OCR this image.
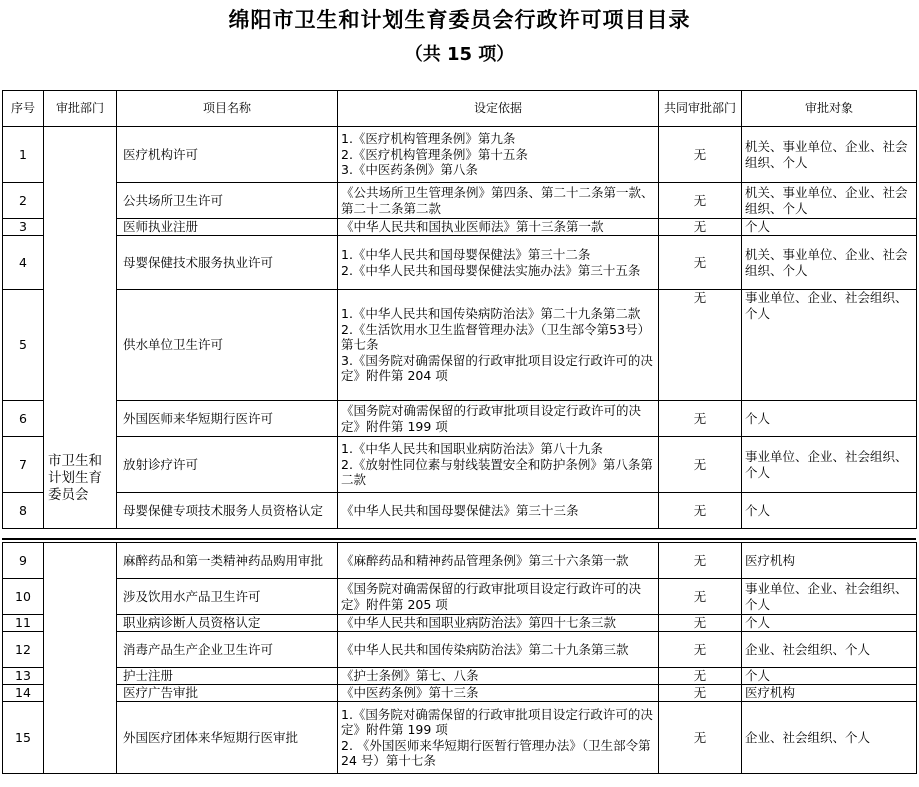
绵阳市卫生和计划生育委员会行政许可项目目录
（共 15 项）
序号	审批部门	项目名称	设定依据	共同审批部门	审批对象
1	市卫生和计划生育委员会	医疗机构许可	1.《医疗机构管理条例》第九条
2.《医疗机构管理条例》第十五条
3.《中医药条例》第八条	无	机关、事业单位、企业、社会组织、个人
2		公共场所卫生许可	《公共场所卫生管理条例》第四条、第二十二条第一款、第二十二条第二款	无	机关、事业单位、企业、社会组织、个人
3		医师执业注册	《中华人民共和国执业医师法》第十三条第一款	无	个人
4		母婴保健技术服务执业许可	1.《中华人民共和国母婴保健法》第三十二条
2.《中华人民共和国母婴保健法实施办法》第三十五条	无	机关、事业单位、企业、社会组织、个人
5		供水单位卫生许可	1.《中华人民共和国传染病防治法》第二十九条第二款
2.《生活饮用水卫生监督管理办法》（卫生部令第53号）第七条
3.《国务院对确需保留的行政审批项目设定行政许可的决定》附件第 204 项	无	事业单位、企业、社会组织、个人
6		外国医师来华短期行医许可	《国务院对确需保留的行政审批项目设定行政许可的决定》附件第 199 项	无	个人
7		放射诊疗许可	1.《中华人民共和国职业病防治法》第八十九条
2.《放射性同位素与射线装置安全和防护条例》第八条第二款	无	事业单位、企业、社会组织、个人
8		母婴保健专项技术服务人员资格认定	《中华人民共和国母婴保健法》第三十三条	无	个人
9		麻醉药品和第一类精神药品购用审批	《麻醉药品和精神药品管理条例》第三十六条第一款	无	医疗机构
10		涉及饮用水产品卫生许可	《国务院对确需保留的行政审批项目设定行政许可的决定》附件第 205 项	无	事业单位、企业、社会组织、个人
11		职业病诊断人员资格认定	《中华人民共和国职业病防治法》第四十七条三款	无	个人
12		消毒产品生产企业卫生许可	《中华人民共和国传染病防治法》第二十九条第三款	无	企业、社会组织、个人
13		护士注册	《护士条例》第七、八条	无	个人
14		医疗广告审批	《中医药条例》第十三条	无	医疗机构
15		外国医疗团体来华短期行医审批	1.《国务院对确需保留的行政审批项目设定行政许可的决定》附件第 199 项
2. 《外国医师来华短期行医暂行管理办法》（卫生部令第 24 号）第十七条	无	企业、社会组织、个人
